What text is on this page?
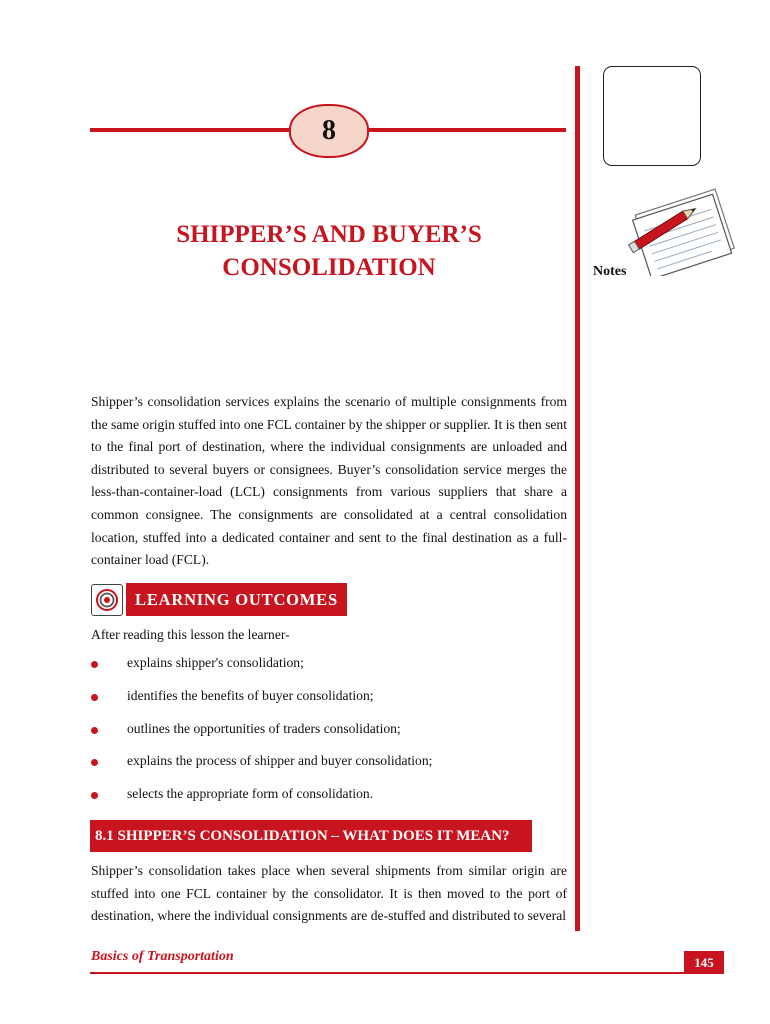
8
SHIPPER’S AND BUYER’S
CONSOLIDATION	Notes

Shipper’s consolidation services explains the scenario of multiple consignments from the same origin stuffed into one FCL container by the shipper or supplier. It is then sent to the final port of destination, where the individual consignments are unloaded and distributed to several buyers or consignees. Buyer’s consolidation service merges the less-than-container-load (LCL) consignments from various suppliers that share a common consignee. The consignments are consolidated at a central consolidation location, stuffed into a dedicated container and sent to the final destination as a full-container load (FCL).

LEARNING OUTCOMES
After reading this lesson the learner-
explains shipper's consolidation;
identifies the benefits of buyer consolidation;
outlines the opportunities of traders consolidation;
explains the process of shipper and buyer consolidation;
selects the appropriate form of consolidation.
8.1 SHIPPER’S CONSOLIDATION – WHAT DOES IT MEAN?

Shipper’s consolidation takes place when several shipments from similar origin are stuffed into one FCL container by the consolidator. It is then moved to the port of destination, where the individual consignments are de-stuffed and distributed to several

Basics of Transportation	145
